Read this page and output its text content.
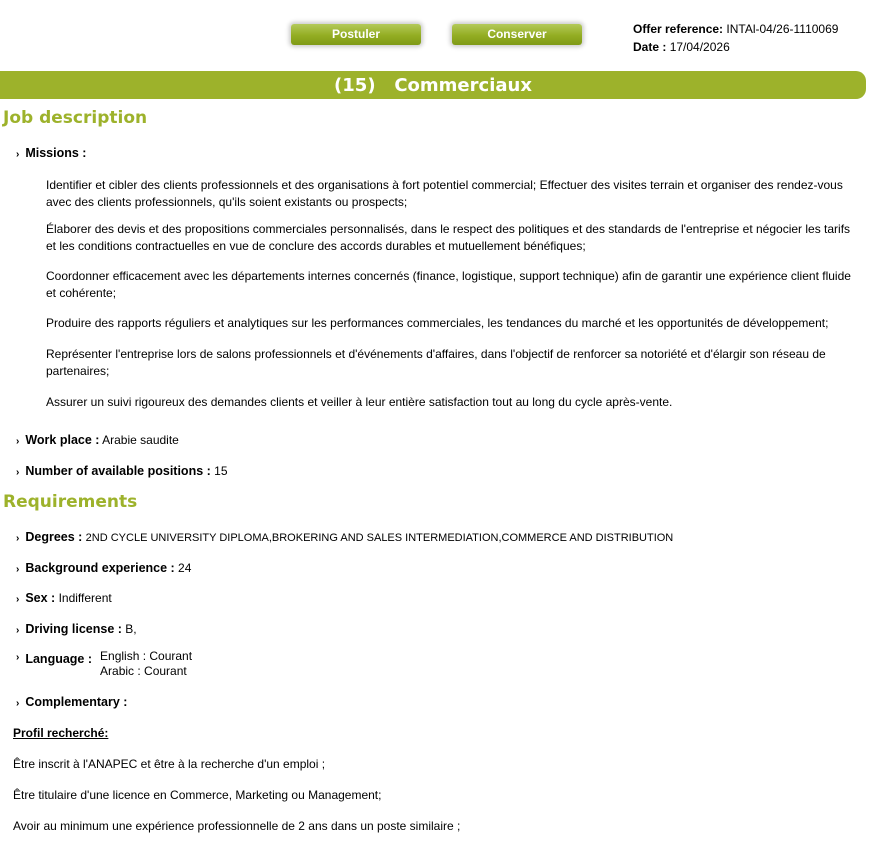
Postuler	Conserver	Offer reference: INTAl-04/26-1110069
Date : 17/04/2026
(15)   Commerciaux
Job description
› Missions :
Identifier et cibler des clients professionnels et des organisations à fort potentiel commercial; Effectuer des visites terrain et organiser des rendez-vous avec des clients professionnels, qu'ils soient existants ou prospects;
Élaborer des devis et des propositions commerciales personnalisés, dans le respect des politiques et des standards de l'entreprise et négocier les tarifs et les conditions contractuelles en vue de conclure des accords durables et mutuellement bénéfiques;
Coordonner efficacement avec les départements internes concernés (finance, logistique, support technique) afin de garantir une expérience client fluide et cohérente;
Produire des rapports réguliers et analytiques sur les performances commerciales, les tendances du marché et les opportunités de développement;
Représenter l'entreprise lors de salons professionnels et d'événements d'affaires, dans l'objectif de renforcer sa notoriété et d'élargir son réseau de partenaires;
Assurer un suivi rigoureux des demandes clients et veiller à leur entière satisfaction tout au long du cycle après-vente.
› Work place : Arabie saudite
› Number of available positions : 15
Requirements
› Degrees : 2ND CYCLE UNIVERSITY DIPLOMA,BROKERING AND SALES INTERMEDIATION,COMMERCE AND DISTRIBUTION
› Background experience : 24
› Sex : Indifferent
› Driving license : B,
› Language : English : Courant
Arabic : Courant
› Complementary :
Profil recherché:
Être inscrit à l'ANAPEC et être à la recherche d'un emploi ;
Être titulaire d'une licence en Commerce, Marketing ou Management;
Avoir au minimum une expérience professionnelle de 2 ans dans un poste similaire ;
